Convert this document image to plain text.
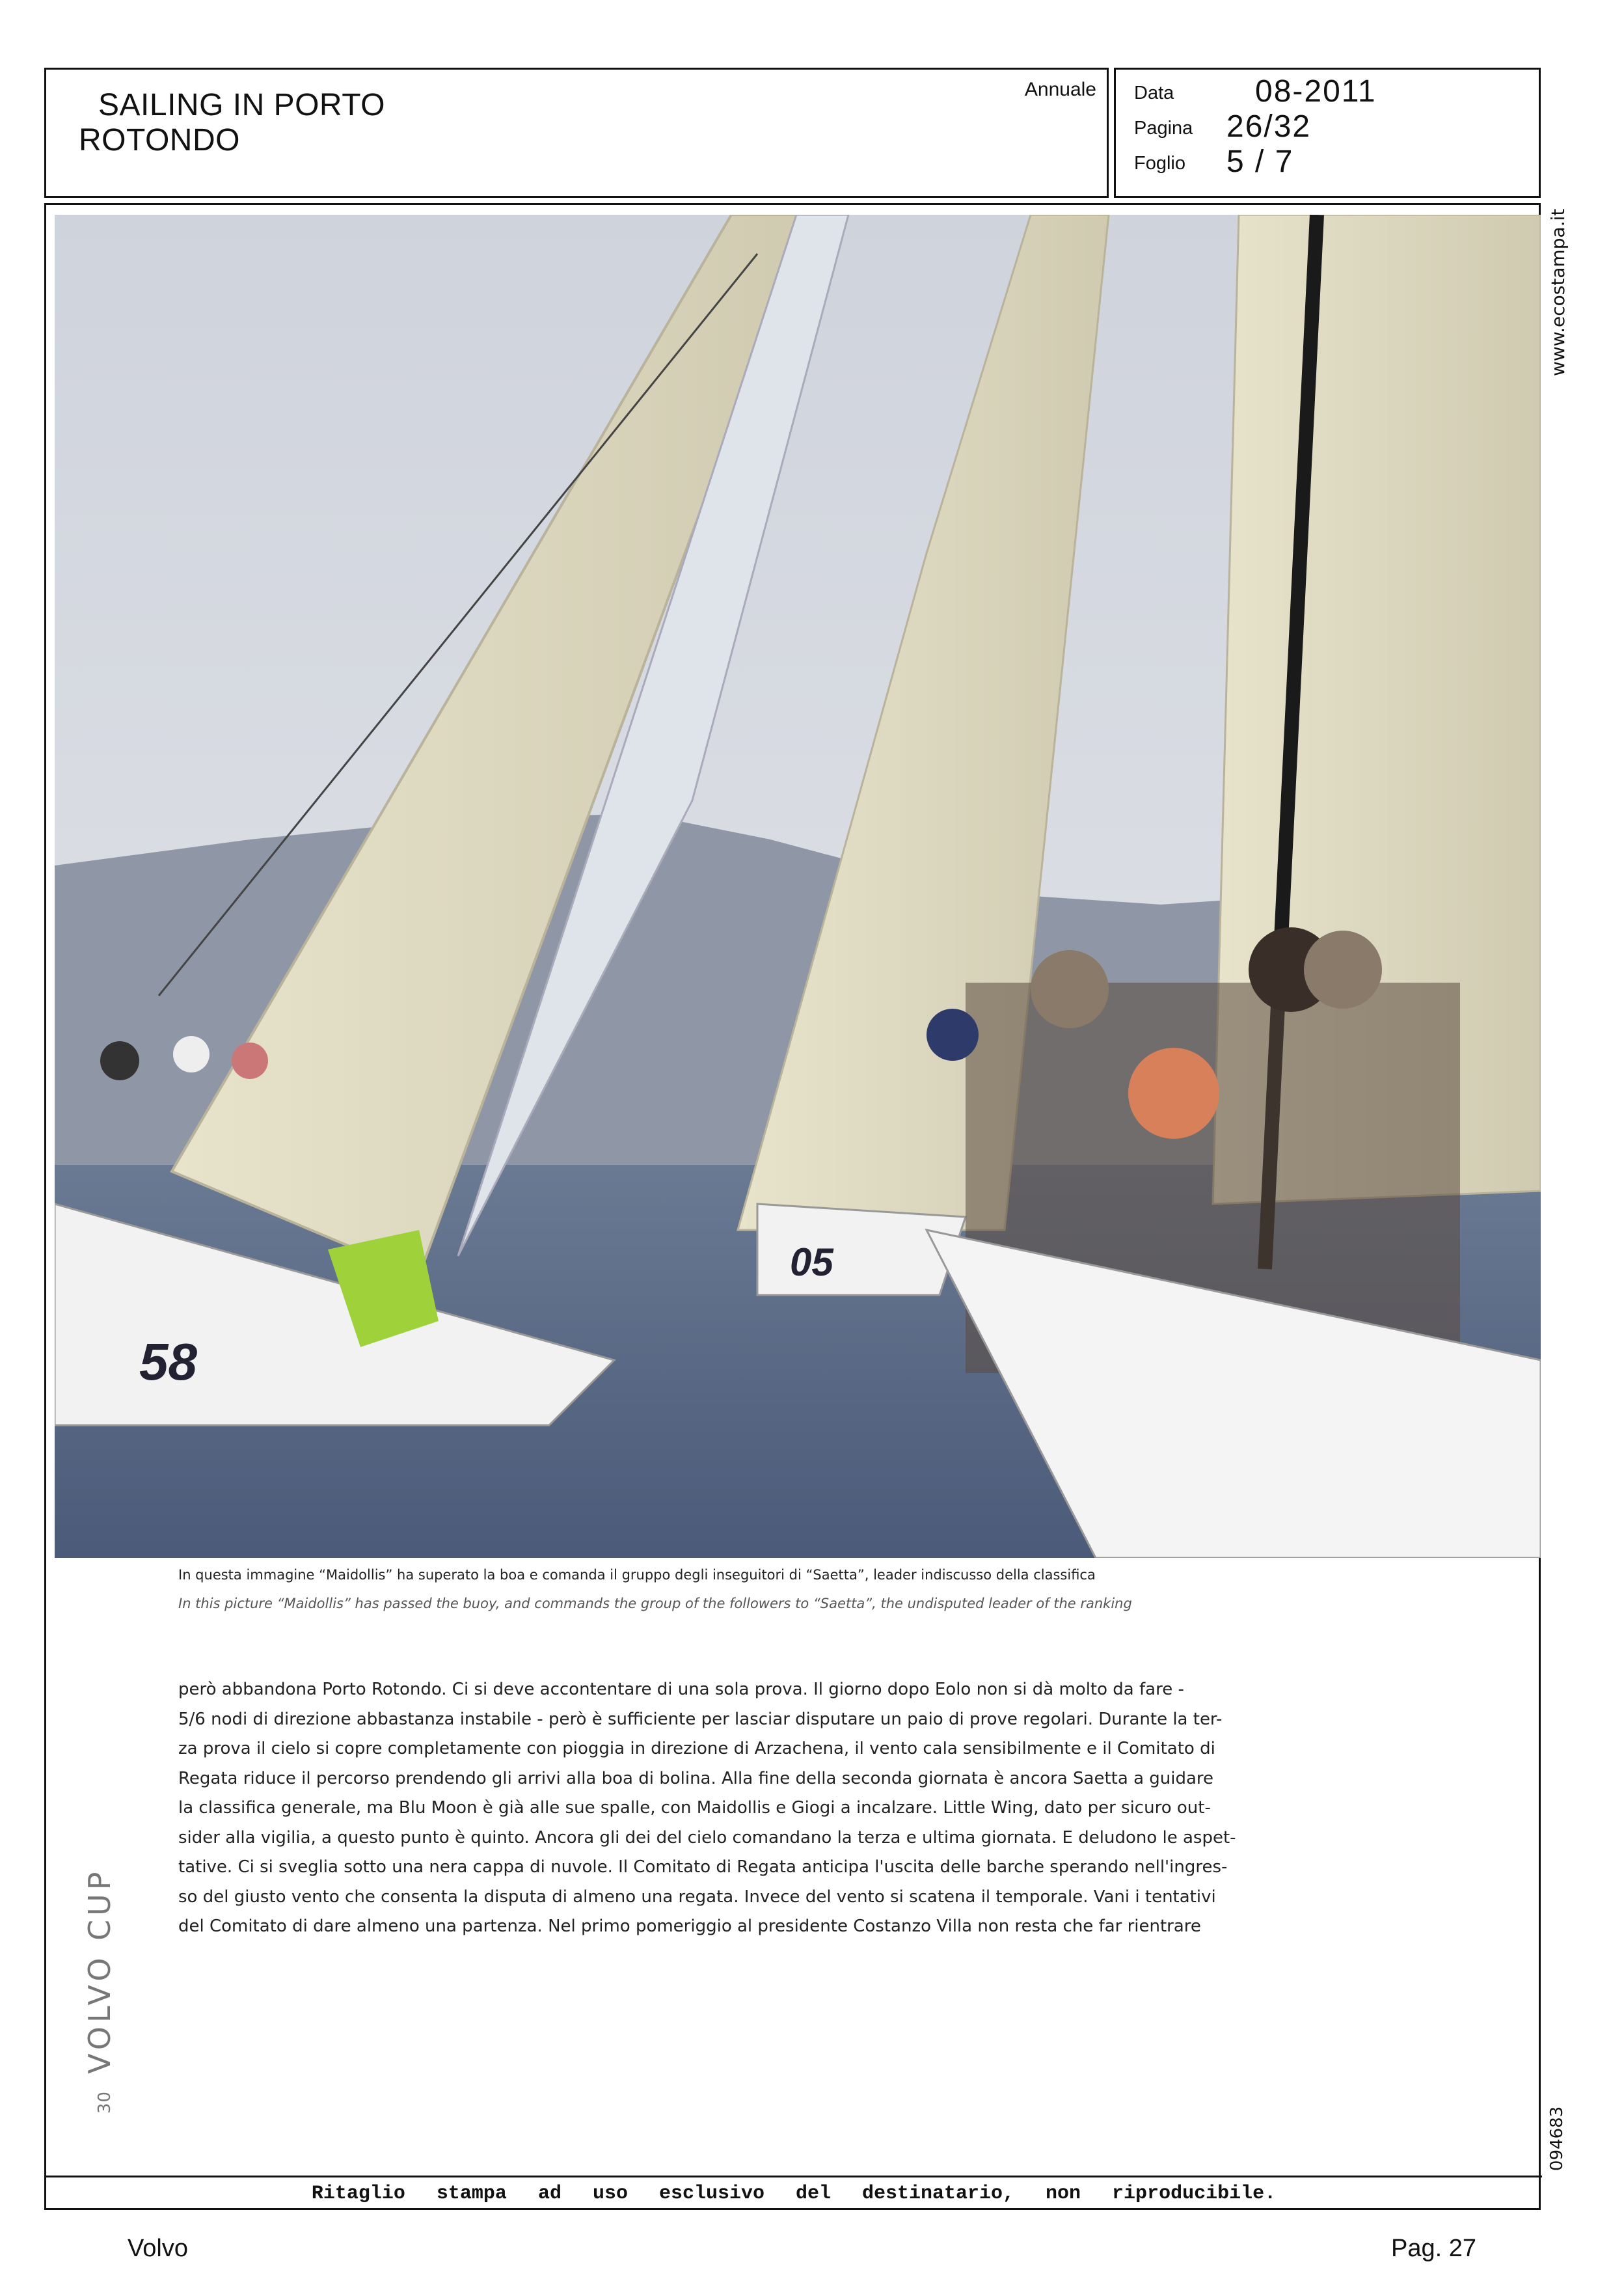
SAILING IN PORTO
ROTONDO
Annuale Data	08-2011
Pagina 26/32
Foglio 5 / 7
58
05
In questa immagine “Maidollis” ha superato la boa e comanda il gruppo degli inseguitori di “Saetta”, leader indiscusso della classifica
In this picture “Maidollis” has passed the buoy, and commands the group of the followers to “Saetta”, the undisputed leader of the ranking
però abbandona Porto Rotondo. Ci si deve accontentare di una sola prova. Il giorno dopo Eolo non si dà molto da fare -
5/6 nodi di direzione abbastanza instabile - però è sufficiente per lasciar disputare un paio di prove regolari. Durante la ter-
za prova il cielo si copre completamente con pioggia in direzione di Arzachena, il vento cala sensibilmente e il Comitato di
Regata riduce il percorso prendendo gli arrivi alla boa di bolina. Alla fine della seconda giornata è ancora Saetta a guidare
la classifica generale, ma Blu Moon è già alle sue spalle, con Maidollis e Giogi a incalzare. Little Wing, dato per sicuro out-
sider alla vigilia, a questo punto è quinto. Ancora gli dei del cielo comandano la terza e ultima giornata. E deludono le aspet-
tative. Ci si sveglia sotto una nera cappa di nuvole. Il Comitato di Regata anticipa l'uscita delle barche sperando nell'ingres-
so del giusto vento che consenta la disputa di almeno una regata. Invece del vento si scatena il temporale. Vani i tentativi
del Comitato di dare almeno una partenza. Nel primo pomeriggio al presidente Costanzo Villa non resta che far rientrare
www.ecostampa.it
094683
30VOLVO CUP
Ritaglio stampa ad uso esclusivo del destinatario, non riproducibile.
Volvo	Pag. 27
